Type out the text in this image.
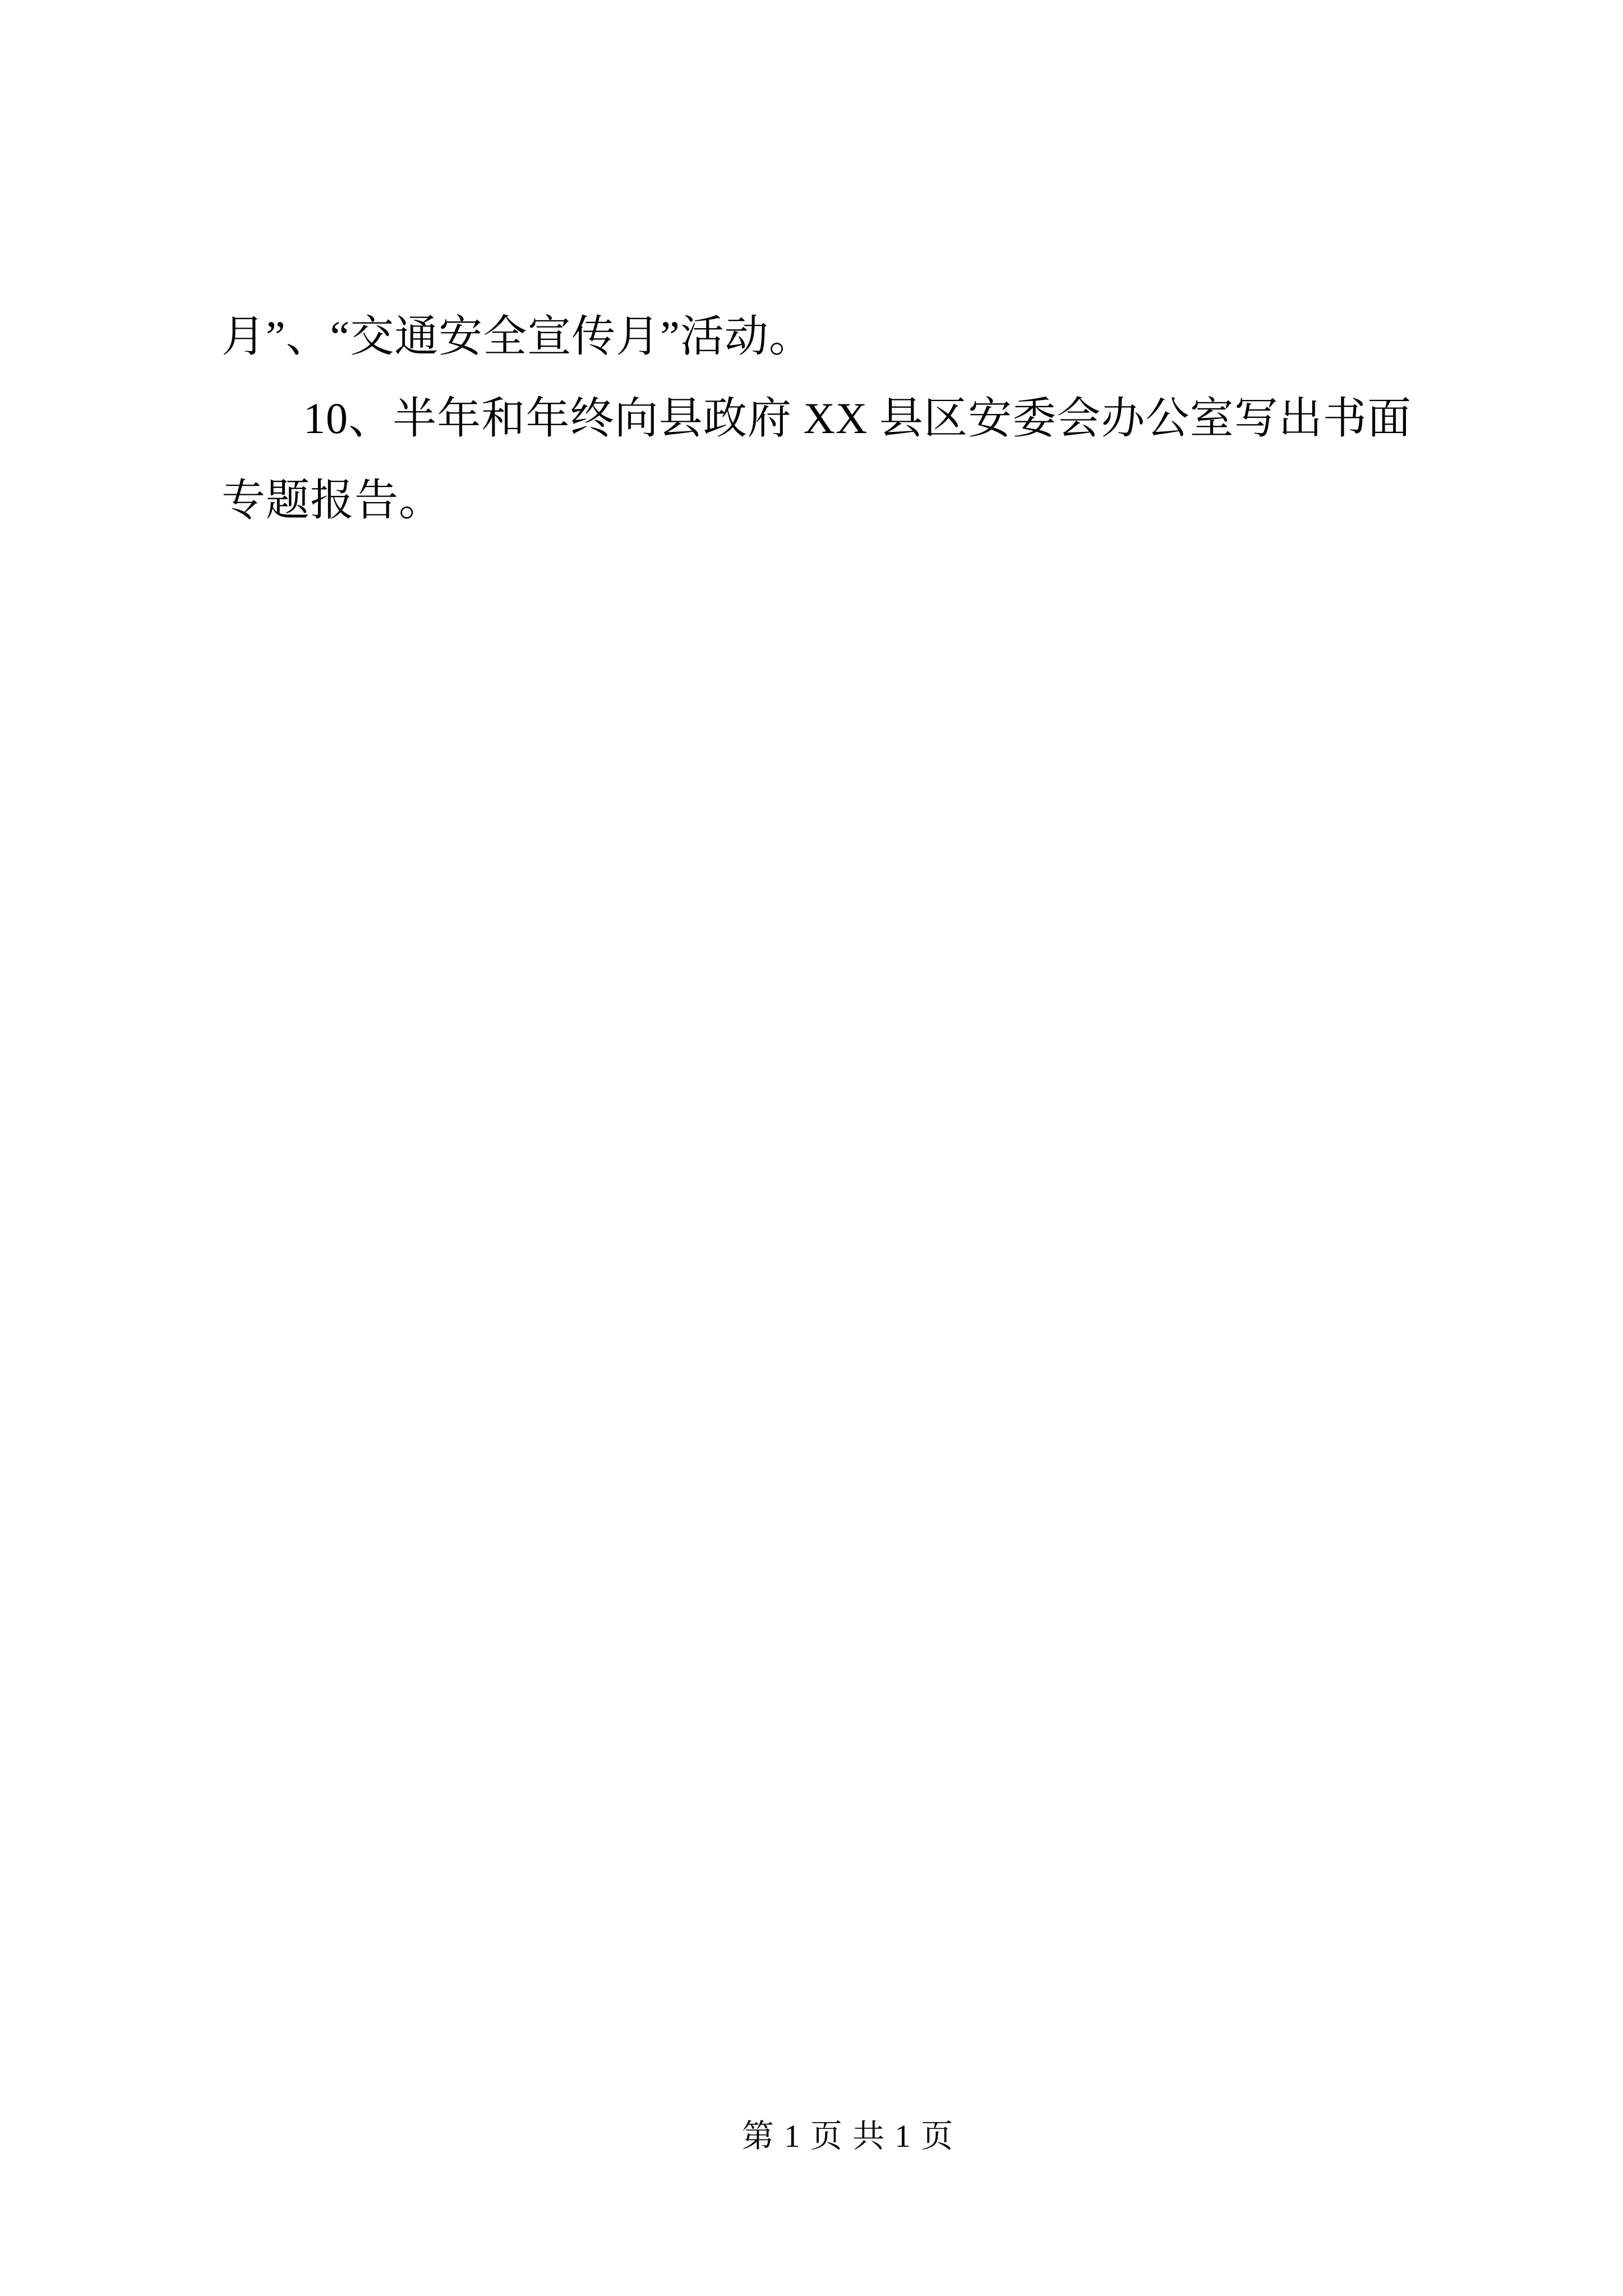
月”、“交通安全宣传月”活动。

10、半年和年终向县政府 XX 县区安委会办公室写出书面专题报告。

第 1 页 共 1 页
